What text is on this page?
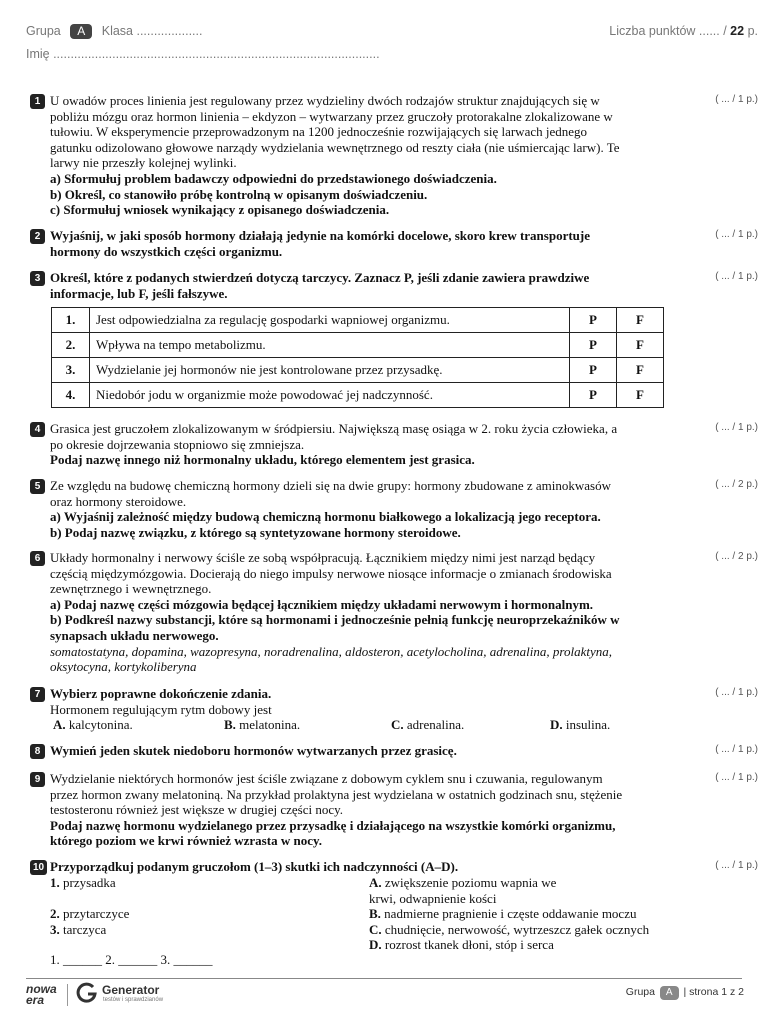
Grupa A Klasa ...................
Imię ..............................................................................................
Liczba punktów ...... / 22 p.
1 U owadów proces linienia jest regulowany przez wydzieliny dwóch rodzajów struktur znajdujących się w
pobliżu mózgu oraz hormon linienia – ekdyzon – wytwarzany przez gruczoły protorakalne zlokalizowane w
tułowiu. W eksperymencie przeprowadzonym na 1200 jednocześnie rozwijających się larwach jednego
gatunku odizolowano głowowe narządy wydzielania wewnętrznego od reszty ciała (nie uśmiercając larw). Te
larwy nie przeszły kolejnej wylinki.
a) Sformułuj problem badawczy odpowiedni do przedstawionego doświadczenia.
b) Określ, co stanowiło próbę kontrolną w opisanym doświadczeniu.
c) Sformułuj wniosek wynikający z opisanego doświadczenia.
( ... / 1 p.)
2 Wyjaśnij, w jaki sposób hormony działają jedynie na komórki docelowe, skoro krew transportuje
hormony do wszystkich części organizmu.
( ... / 1 p.)
3 Określ, które z podanych stwierdzeń dotyczą tarczycy. Zaznacz P, jeśli zdanie zawiera prawdziwe
informacje, lub F, jeśli fałszywe.
( ... / 1 p.)
1.	Jest odpowiedzialna za regulację gospodarki wapniowej organizmu.	P	F
2.	Wpływa na tempo metabolizmu.	P	F
3.	Wydzielanie jej hormonów nie jest kontrolowane przez przysadkę.	P	F
4.	Niedobór jodu w organizmie może powodować jej nadczynność.	P	F
4 Grasica jest gruczołem zlokalizowanym w śródpiersiu. Największą masę osiąga w 2. roku życia człowieka, a
po okresie dojrzewania stopniowo się zmniejsza.
Podaj nazwę innego niż hormonalny układu, którego elementem jest grasica.
( ... / 1 p.)
5 Ze względu na budowę chemiczną hormony dzieli się na dwie grupy: hormony zbudowane z aminokwasów
oraz hormony steroidowe.
a) Wyjaśnij zależność między budową chemiczną hormonu białkowego a lokalizacją jego receptora.
b) Podaj nazwę związku, z którego są syntetyzowane hormony steroidowe.
( ... / 2 p.)
6 Układy hormonalny i nerwowy ściśle ze sobą współpracują. Łącznikiem między nimi jest narząd będący
częścią międzymózgowia. Docierają do niego impulsy nerwowe niosące informacje o zmianach środowiska
zewnętrznego i wewnętrznego.
a) Podaj nazwę części mózgowia będącej łącznikiem między układami nerwowym i hormonalnym.
b) Podkreśl nazwy substancji, które są hormonami i jednocześnie pełnią funkcję neuroprzekaźników w
synapsach układu nerwowego.
somatostatyna, dopamina, wazopresyna, noradrenalina, aldosteron, acetylocholina, adrenalina, prolaktyna,
oksytocyna, kortykoliberyna
( ... / 2 p.)
7 Wybierz poprawne dokończenie zdania.
Hormonem regulującym rytm dobowy jest
A. kalcytonina.	B. melatonina.	C. adrenalina.	D. insulina.
( ... / 1 p.)
8 Wymień jeden skutek niedoboru hormonów wytwarzanych przez grasicę.	( ... / 1 p.)
9 Wydzielanie niektórych hormonów jest ściśle związane z dobowym cyklem snu i czuwania, regulowanym
przez hormon zwany melatoniną. Na przykład prolaktyna jest wydzielana w ostatnich godzinach snu, stężenie
testosteronu również jest większe w drugiej części nocy.
Podaj nazwę hormonu wydzielanego przez przysadkę i działającego na wszystkie komórki organizmu,
którego poziom we krwi również wzrasta w nocy.
( ... / 1 p.)
10 Przyporządkuj podanym gruczołom (1–3) skutki ich nadczynności (A–D).
1. przysadka
2. przytarczyce
3. tarczyca
A. zwiększenie poziomu wapnia we
krwi, odwapnienie kości
B. nadmierne pragnienie i częste oddawanie moczu
C. chudnięcie, nerwowość, wytrzeszcz gałek ocznych
D. rozrost tkanek dłoni, stóp i serca
1. ______ 2. ______ 3. ______
( ... / 1 p.)
nowa
era
Generator
testów i sprawdzianów
Grupa A | strona 1 z 2
